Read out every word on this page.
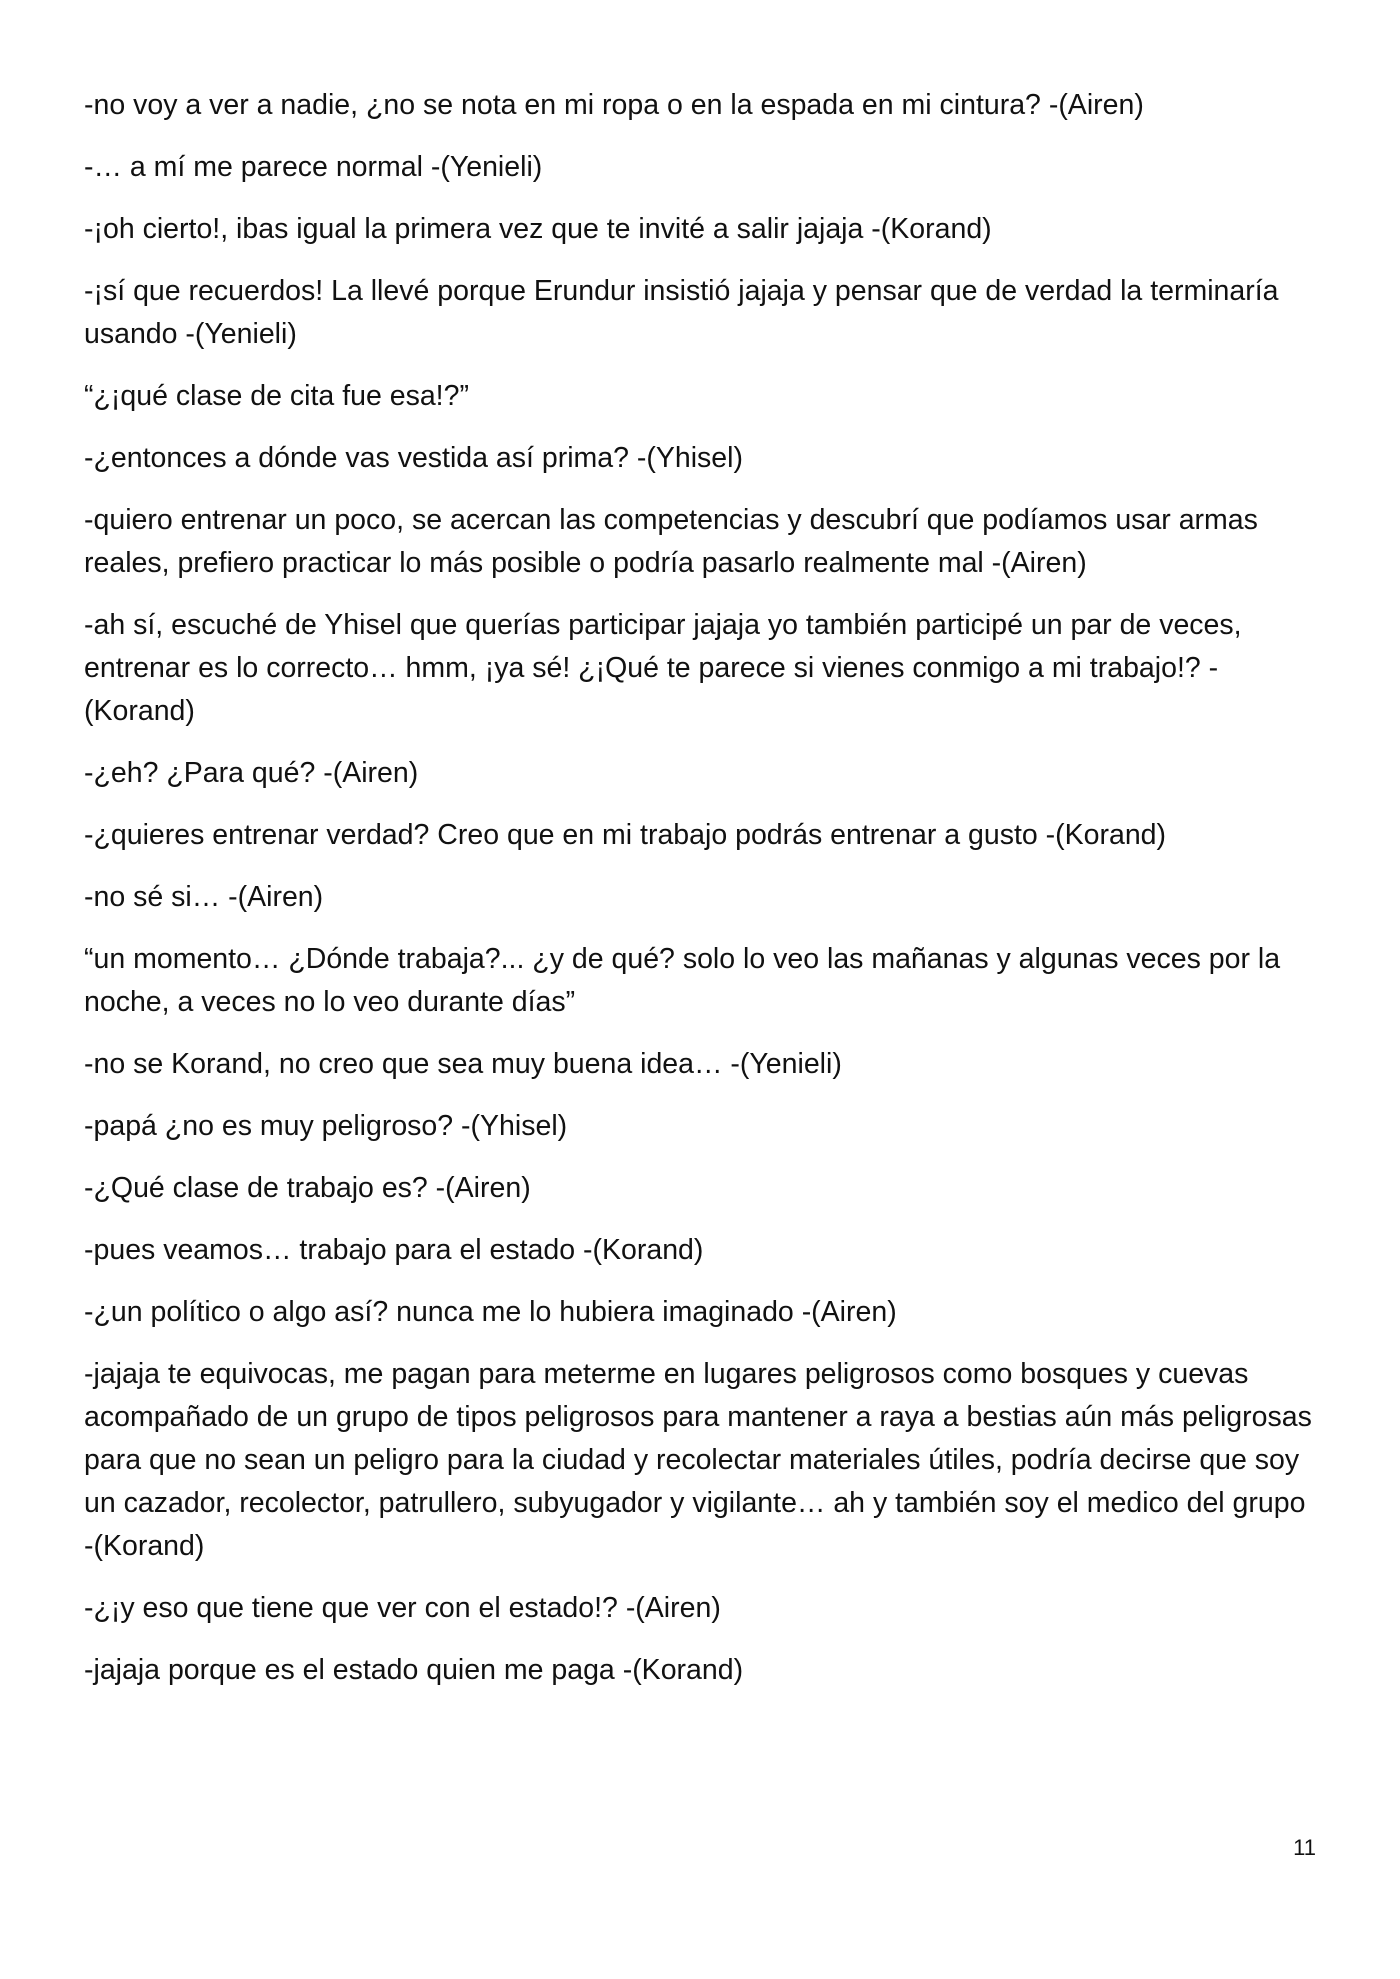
-no voy a ver a nadie, ¿no se nota en mi ropa o en la espada en mi cintura? -(Airen)

-… a mí me parece normal -(Yenieli)

-¡oh cierto!, ibas igual la primera vez que te invité a salir jajaja -(Korand)

-¡sí que recuerdos! La llevé porque Erundur insistió jajaja y pensar que de verdad la terminaría usando -(Yenieli)

“¿¡qué clase de cita fue esa!?”

-¿entonces a dónde vas vestida así prima? -(Yhisel)

-quiero entrenar un poco, se acercan las competencias y descubrí que podíamos usar armas reales, prefiero practicar lo más posible o podría pasarlo realmente mal -(Airen)

-ah sí, escuché de Yhisel que querías participar jajaja yo también participé un par de veces, entrenar es lo correcto… hmm, ¡ya sé! ¿¡Qué te parece si vienes conmigo a mi trabajo!? -(Korand)

-¿eh? ¿Para qué? -(Airen)

-¿quieres entrenar verdad? Creo que en mi trabajo podrás entrenar a gusto -(Korand)

-no sé si… -(Airen)

“un momento… ¿Dónde trabaja?... ¿y de qué? solo lo veo las mañanas y algunas veces por la noche, a veces no lo veo durante días”

-no se Korand, no creo que sea muy buena idea… -(Yenieli)

-papá ¿no es muy peligroso? -(Yhisel)

-¿Qué clase de trabajo es? -(Airen)

-pues veamos… trabajo para el estado -(Korand)

-¿un político o algo así? nunca me lo hubiera imaginado -(Airen)

-jajaja te equivocas, me pagan para meterme en lugares peligrosos como bosques y cuevas acompañado de un grupo de tipos peligrosos para mantener a raya a bestias aún más peligrosas para que no sean un peligro para la ciudad y recolectar materiales útiles, podría decirse que soy un cazador, recolector, patrullero, subyugador y vigilante… ah y también soy el medico del grupo -(Korand)

-¿¡y eso que tiene que ver con el estado!? -(Airen)

-jajaja porque es el estado quien me paga -(Korand)

11
